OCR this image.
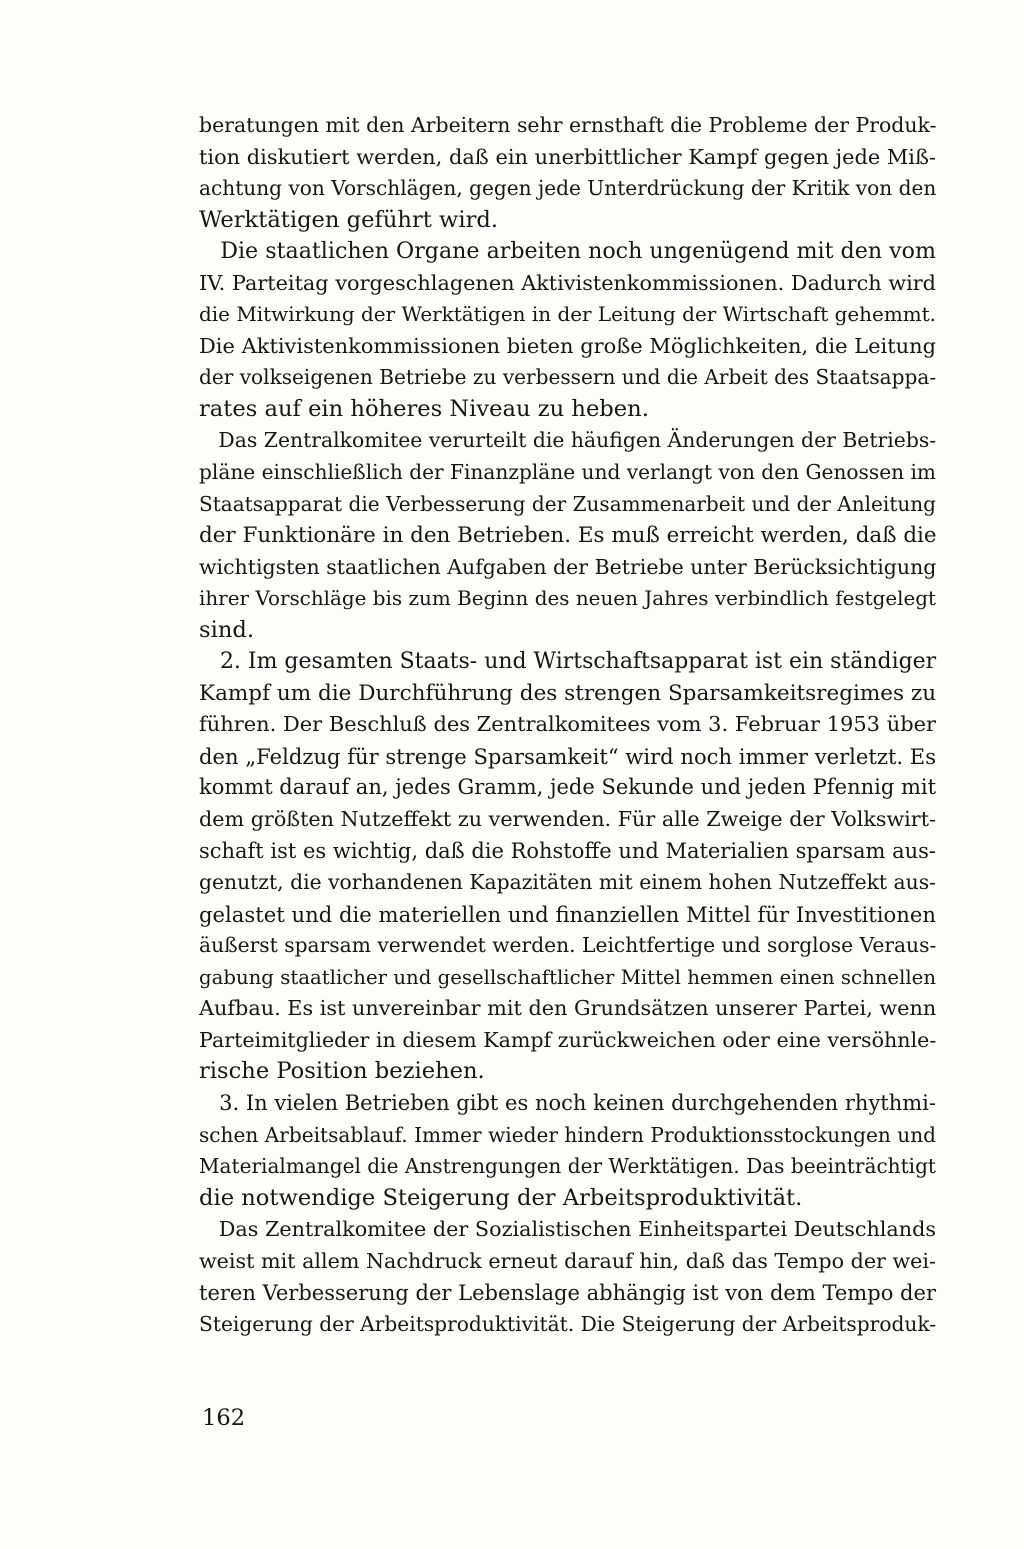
beratungen mit den Arbeitern sehr ernsthaft die Probleme der Produk-
tion diskutiert werden, daß ein unerbittlicher Kampf gegen jede Miß-
achtung von Vorschlägen, gegen jede Unterdrückung der Kritik von den
Werktätigen geführt wird.
Die staatlichen Organe arbeiten noch ungenügend mit den vom
IV. Parteitag vorgeschlagenen Aktivistenkommissionen. Dadurch wird
die Mitwirkung der Werktätigen in der Leitung der Wirtschaft gehemmt.
Die Aktivistenkommissionen bieten große Möglichkeiten, die Leitung
der volkseigenen Betriebe zu verbessern und die Arbeit des Staatsappa-
rates auf ein höheres Niveau zu heben.
Das Zentralkomitee verurteilt die häufigen Änderungen der Betriebs-
pläne einschließlich der Finanzpläne und verlangt von den Genossen im
Staatsapparat die Verbesserung der Zusammenarbeit und der Anleitung
der Funktionäre in den Betrieben. Es muß erreicht werden, daß die
wichtigsten staatlichen Aufgaben der Betriebe unter Berücksichtigung
ihrer Vorschläge bis zum Beginn des neuen Jahres verbindlich festgelegt
sind.
2. Im gesamten Staats- und Wirtschaftsapparat ist ein ständiger
Kampf um die Durchführung des strengen Sparsamkeitsregimes zu
führen. Der Beschluß des Zentralkomitees vom 3. Februar 1953 über
den „Feldzug für strenge Sparsamkeit“ wird noch immer verletzt. Es
kommt darauf an, jedes Gramm, jede Sekunde und jeden Pfennig mit
dem größten Nutzeffekt zu verwenden. Für alle Zweige der Volkswirt-
schaft ist es wichtig, daß die Rohstoffe und Materialien sparsam aus-
genutzt, die vorhandenen Kapazitäten mit einem hohen Nutzeffekt aus-
gelastet und die materiellen und finanziellen Mittel für Investitionen
äußerst sparsam verwendet werden. Leichtfertige und sorglose Veraus-
gabung staatlicher und gesellschaftlicher Mittel hemmen einen schnellen
Aufbau. Es ist unvereinbar mit den Grundsätzen unserer Partei, wenn
Parteimitglieder in diesem Kampf zurückweichen oder eine versöhnle-
rische Position beziehen.
3. In vielen Betrieben gibt es noch keinen durchgehenden rhythmi-
schen Arbeitsablauf. Immer wieder hindern Produktionsstockungen und
Materialmangel die Anstrengungen der Werktätigen. Das beeinträchtigt
die notwendige Steigerung der Arbeitsproduktivität.
Das Zentralkomitee der Sozialistischen Einheitspartei Deutschlands
weist mit allem Nachdruck erneut darauf hin, daß das Tempo der wei-
teren Verbesserung der Lebenslage abhängig ist von dem Tempo der
Steigerung der Arbeitsproduktivität. Die Steigerung der Arbeitsproduk-
162
